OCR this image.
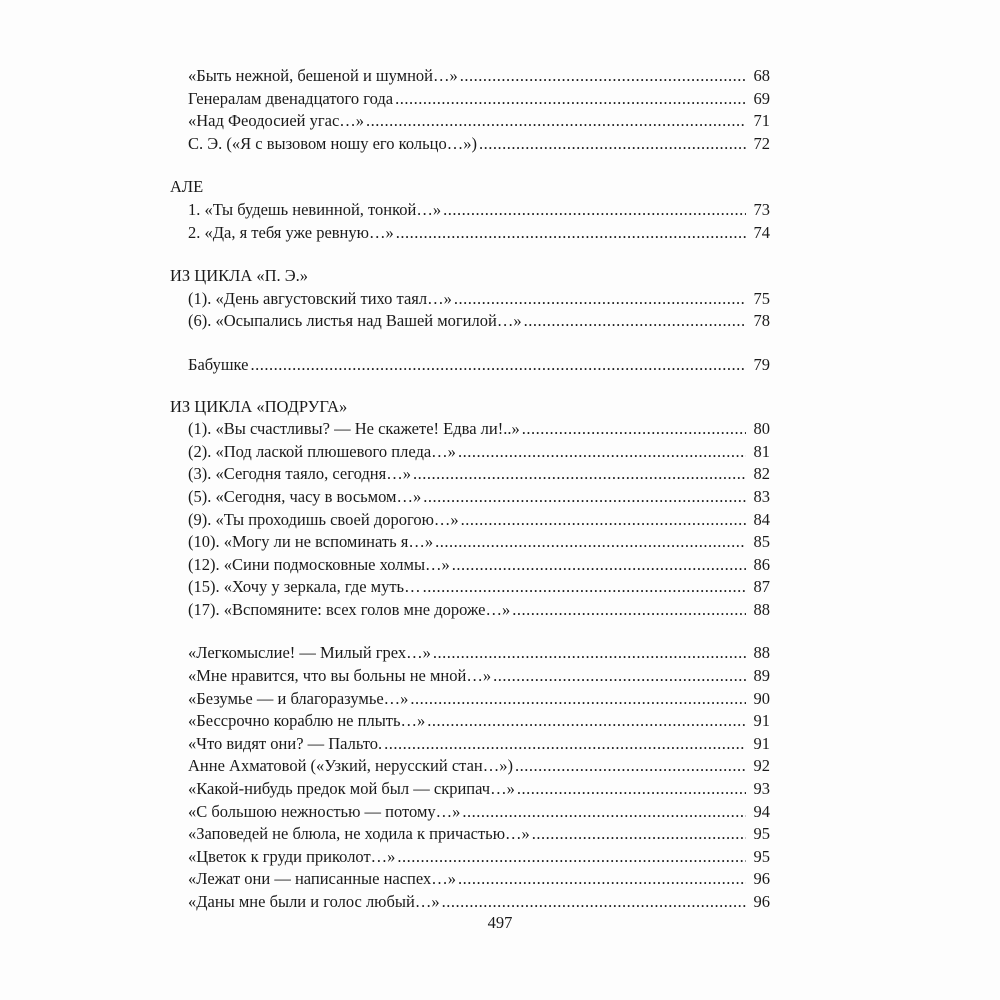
«Быть нежной, бешеной и шумной…» .....	68
Генералам двенадцатого года .....	69
«Над Феодосией угас…» .....	71
С. Э. («Я с вызовом ношу его кольцо…») .....	72
АЛЕ
1. «Ты будешь невинной, тонкой…» .....	73
2. «Да, я тебя уже ревную…» .....	74
ИЗ ЦИКЛА «П. Э.»
(1). «День августовский тихо таял…» .....	75
(6). «Осыпались листья над Вашей могилой…» .....	78
Бабушке .....	79
ИЗ ЦИКЛА «ПОДРУГА»
(1). «Вы счастливы? — Не скажете! Едва ли!..» .....	80
(2). «Под лаской плюшевого пледа…» .....	81
(3). «Сегодня таяло, сегодня…» .....	82
(5). «Сегодня, часу в восьмом…» .....	83
(9). «Ты проходишь своей дорогою…» .....	84
(10). «Могу ли не вспоминать я…» .....	85
(12). «Сини подмосковные холмы…» .....	86
(15). «Хочу у зеркала, где муть… .....	87
(17). «Вспомяните: всех голов мне дороже…» .....	88
«Легкомыслие! — Милый грех…» .....	88
«Мне нравится, что вы больны не мной…» .....	89
«Безумье — и благоразумье…» .....	90
«Бессрочно кораблю не плыть…» .....	91
«Что видят они? — Пальто. .....	91
Анне Ахматовой («Узкий, нерусский стан…») .....	92
«Какой-нибудь предок мой был — скрипач…» .....	93
«С большою нежностью — потому…» .....	94
«Заповедей не блюла, не ходила к причастью…» .....	95
«Цветок к груди приколот…» .....	95
«Лежат они — написанные наспех…» .....	96
«Даны мне были и голос любый…» .....	96
497
